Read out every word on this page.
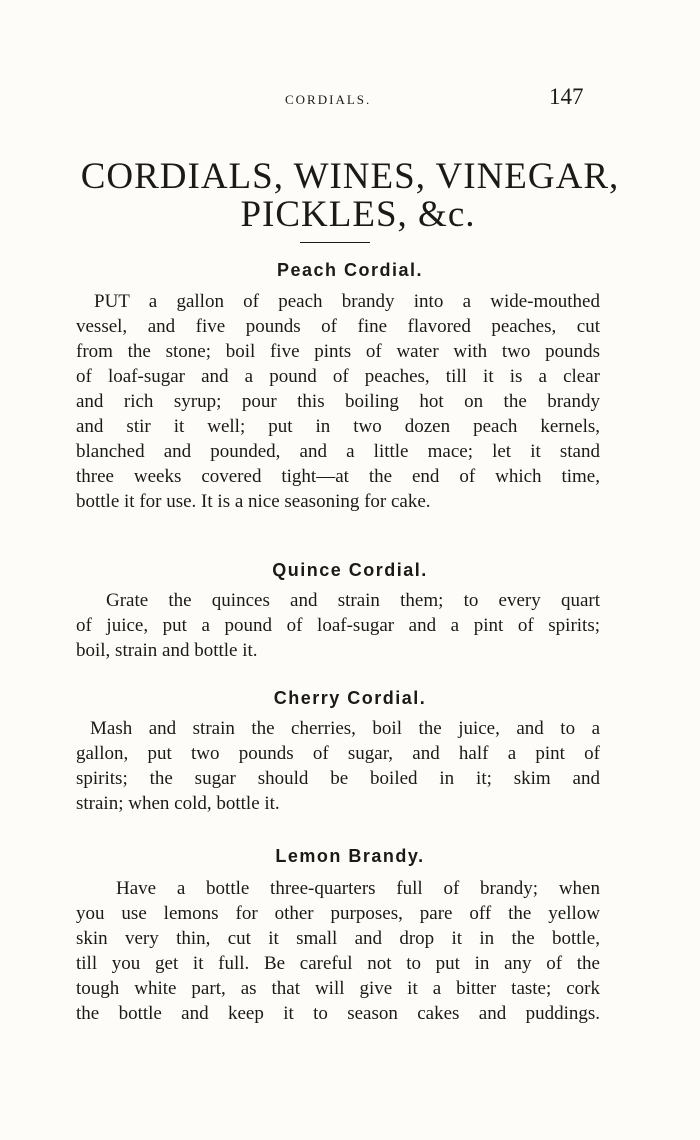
CORDIALS.	147
CORDIALS, WINES, VINEGAR,
PICKLES, &c.
Peach Cordial.
PUT a gallon of peach brandy into a wide-mouthed
vessel, and five pounds of fine flavored peaches, cut
from the stone; boil five pints of water with two pounds
of loaf-sugar and a pound of peaches, till it is a clear
and rich syrup; pour this boiling hot on the brandy
and stir it well; put in two dozen peach kernels,
blanched and pounded, and a little mace; let it stand
three weeks covered tight—at the end of which time,
bottle it for use. It is a nice seasoning for cake.
Quince Cordial.
Grate the quinces and strain them; to every quart
of juice, put a pound of loaf-sugar and a pint of spirits;
boil, strain and bottle it.
Cherry Cordial.
Mash and strain the cherries, boil the juice, and to a
gallon, put two pounds of sugar, and half a pint of
spirits; the sugar should be boiled in it; skim and
strain; when cold, bottle it.
Lemon Brandy.
Have a bottle three-quarters full of brandy; when
you use lemons for other purposes, pare off the yellow
skin very thin, cut it small and drop it in the bottle,
till you get it full. Be careful not to put in any of the
tough white part, as that will give it a bitter taste; cork
the bottle and keep it to season cakes and puddings.
